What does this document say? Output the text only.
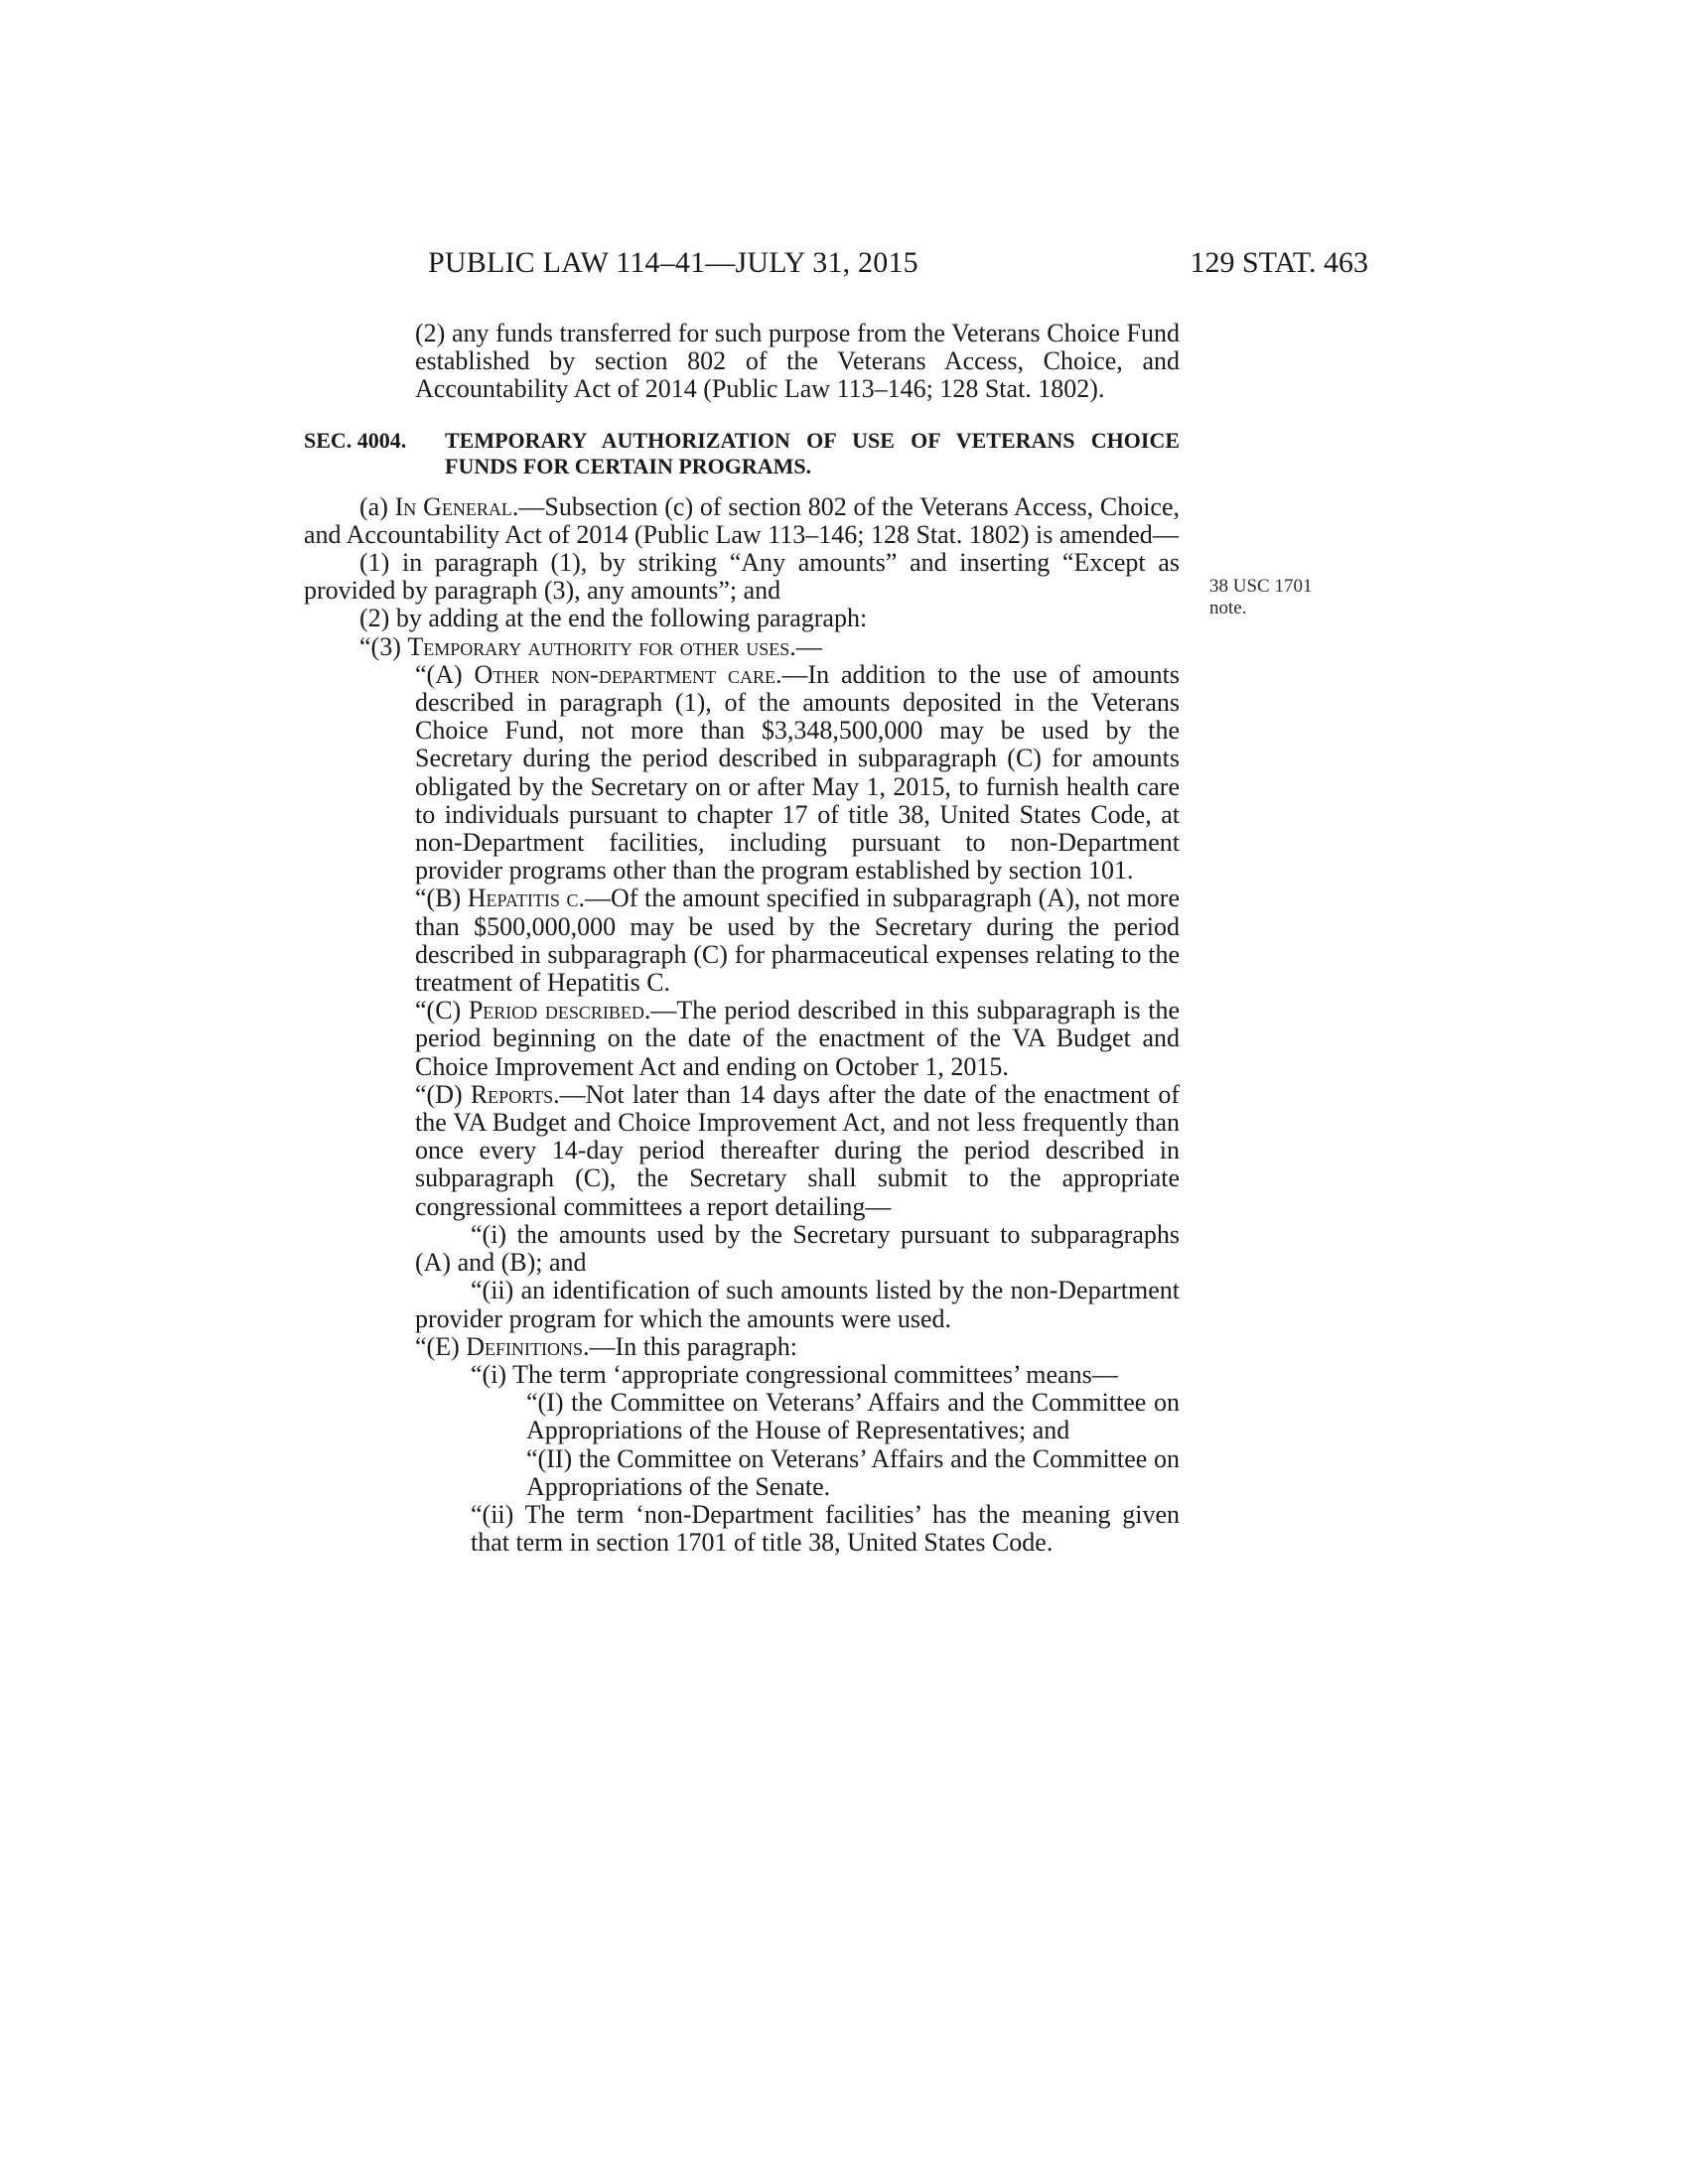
PUBLIC LAW 114–41—JULY 31, 2015	129 STAT. 463
38 USC 1701
note.

(2) any funds transferred for such purpose from the Veterans Choice Fund established by section 802 of the Veterans Access, Choice, and Accountability Act of 2014 (Public Law 113–146; 128 Stat. 1802).

SEC. 4004. TEMPORARY AUTHORIZATION OF USE OF VETERANS CHOICE FUNDS FOR CERTAIN PROGRAMS.

(a) In General.—Subsection (c) of section 802 of the Veterans Access, Choice, and Accountability Act of 2014 (Public Law 113–146; 128 Stat. 1802) is amended—

(1) in paragraph (1), by striking “Any amounts” and inserting “Except as provided by paragraph (3), any amounts”; and

(2) by adding at the end the following paragraph:

“(3) Temporary authority for other uses.—

“(A) Other non-department care.—In addition to the use of amounts described in paragraph (1), of the amounts deposited in the Veterans Choice Fund, not more than $3,348,500,000 may be used by the Secretary during the period described in subparagraph (C) for amounts obligated by the Secretary on or after May 1, 2015, to furnish health care to individuals pursuant to chapter 17 of title 38, United States Code, at non-Department facilities, including pursuant to non-Department provider programs other than the program established by section 101.

“(B) Hepatitis c.—Of the amount specified in subparagraph (A), not more than $500,000,000 may be used by the Secretary during the period described in subparagraph (C) for pharmaceutical expenses relating to the treatment of Hepatitis C.

“(C) Period described.—The period described in this subparagraph is the period beginning on the date of the enactment of the VA Budget and Choice Improvement Act and ending on October 1, 2015.

“(D) Reports.—Not later than 14 days after the date of the enactment of the VA Budget and Choice Improvement Act, and not less frequently than once every 14-day period thereafter during the period described in subparagraph (C), the Secretary shall submit to the appropriate congressional committees a report detailing—

“(i) the amounts used by the Secretary pursuant to subparagraphs (A) and (B); and

“(ii) an identification of such amounts listed by the non-Department provider program for which the amounts were used.

“(E) Definitions.—In this paragraph:

“(i) The term ‘appropriate congressional committees’ means—

“(I) the Committee on Veterans’ Affairs and the Committee on Appropriations of the House of Representatives; and

“(II) the Committee on Veterans’ Affairs and the Committee on Appropriations of the Senate.

“(ii) The term ‘non-Department facilities’ has the meaning given that term in section 1701 of title 38, United States Code.
